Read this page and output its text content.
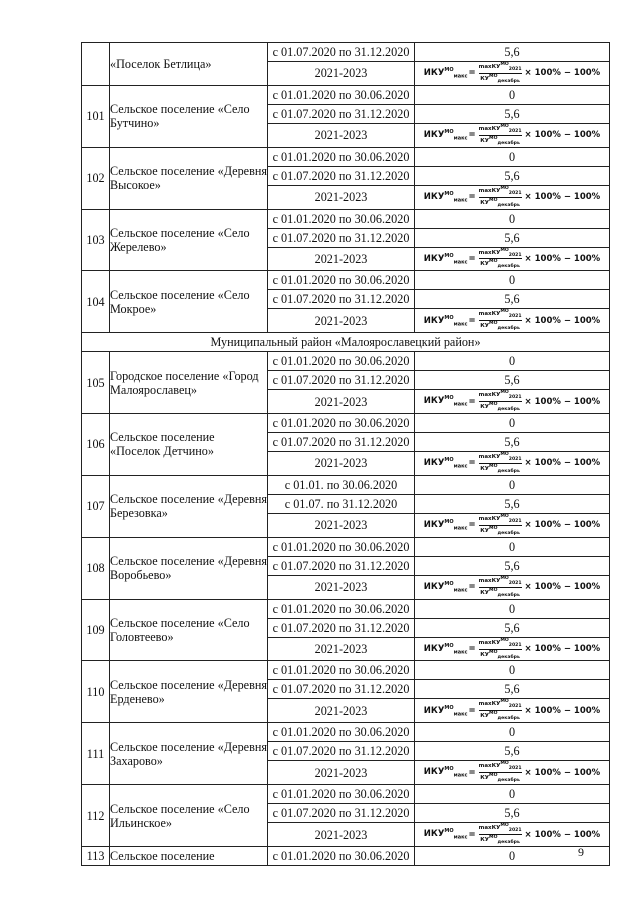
	«Поселок Бетлица»	с 01.07.2020 по 31.12.2020	5,6
		2021-2023	$ИКУ^{МО}_{макс} = \frac{\max КУ^{МО}_{2021}}{КУ^{МО}_{декабрь}} \times 100\% - 100\%$

101	Сельское поселение «Село Бутчино»	с 01.01.2020 по 30.06.2020	0
		с 01.07.2020 по 31.12.2020	5,6
		2021-2023	$ИКУ^{МО}_{макс} = \frac{\max КУ^{МО}_{2021}}{КУ^{МО}_{декабрь}} \times 100\% - 100\%$

102	Сельское поселение «Деревня Высокое»	с 01.01.2020 по 30.06.2020	0
		с 01.07.2020 по 31.12.2020	5,6
		2021-2023	$ИКУ^{МО}_{макс} = \frac{\max КУ^{МО}_{2021}}{КУ^{МО}_{декабрь}} \times 100\% - 100\%$

103	Сельское поселение «Село Жерелево»	с 01.01.2020 по 30.06.2020	0
		с 01.07.2020 по 31.12.2020	5,6
		2021-2023	$ИКУ^{МО}_{макс} = \frac{\max КУ^{МО}_{2021}}{КУ^{МО}_{декабрь}} \times 100\% - 100\%$

104	Сельское поселение «Село Мокрое»	с 01.01.2020 по 30.06.2020	0
		с 01.07.2020 по 31.12.2020	5,6
		2021-2023	$ИКУ^{МО}_{макс} = \frac{\max КУ^{МО}_{2021}}{КУ^{МО}_{декабрь}} \times 100\% - 100\%$

Муниципальный район «Малоярославецкий район»			
105	Городское поселение «Город Малоярославец»	с 01.01.2020 по 30.06.2020	0
		с 01.07.2020 по 31.12.2020	5,6
		2021-2023	$ИКУ^{МО}_{макс} = \frac{\max КУ^{МО}_{2021}}{КУ^{МО}_{декабрь}} \times 100\% - 100\%$

106	Сельское поселение «Поселок Детчино»	с 01.01.2020 по 30.06.2020	0
		с 01.07.2020 по 31.12.2020	5,6
		2021-2023	$ИКУ^{МО}_{макс} = \frac{\max КУ^{МО}_{2021}}{КУ^{МО}_{декабрь}} \times 100\% - 100\%$

107	Сельское поселение «Деревня Березовка»	с 01.01. по 30.06.2020	0
		с 01.07. по 31.12.2020	5,6
		2021-2023	$ИКУ^{МО}_{макс} = \frac{\max КУ^{МО}_{2021}}{КУ^{МО}_{декабрь}} \times 100\% - 100\%$

108	Сельское поселение «Деревня Воробьево»	с 01.01.2020 по 30.06.2020	0
		с 01.07.2020 по 31.12.2020	5,6
		2021-2023	$ИКУ^{МО}_{макс} = \frac{\max КУ^{МО}_{2021}}{КУ^{МО}_{декабрь}} \times 100\% - 100\%$

109	Сельское поселение «Село Головтеево»	с 01.01.2020 по 30.06.2020	0
		с 01.07.2020 по 31.12.2020	5,6
		2021-2023	$ИКУ^{МО}_{макс} = \frac{\max КУ^{МО}_{2021}}{КУ^{МО}_{декабрь}} \times 100\% - 100\%$

110	Сельское поселение «Деревня Ерденево»	с 01.01.2020 по 30.06.2020	0
		с 01.07.2020 по 31.12.2020	5,6
		2021-2023	$ИКУ^{МО}_{макс} = \frac{\max КУ^{МО}_{2021}}{КУ^{МО}_{декабрь}} \times 100\% - 100\%$

111	Сельское поселение «Деревня Захарово»	с 01.01.2020 по 30.06.2020	0
		с 01.07.2020 по 31.12.2020	5,6
		2021-2023	$ИКУ^{МО}_{макс} = \frac{\max КУ^{МО}_{2021}}{КУ^{МО}_{декабрь}} \times 100\% - 100\%$

112	Сельское поселение «Село Ильинское»	с 01.01.2020 по 30.06.2020	0
		с 01.07.2020 по 31.12.2020	5,6
		2021-2023	$ИКУ^{МО}_{макс} = \frac{\max КУ^{МО}_{2021}}{КУ^{МО}_{декабрь}} \times 100\% - 100\%$

113	Сельское поселение	с 01.01.2020 по 30.06.2020	0	9
